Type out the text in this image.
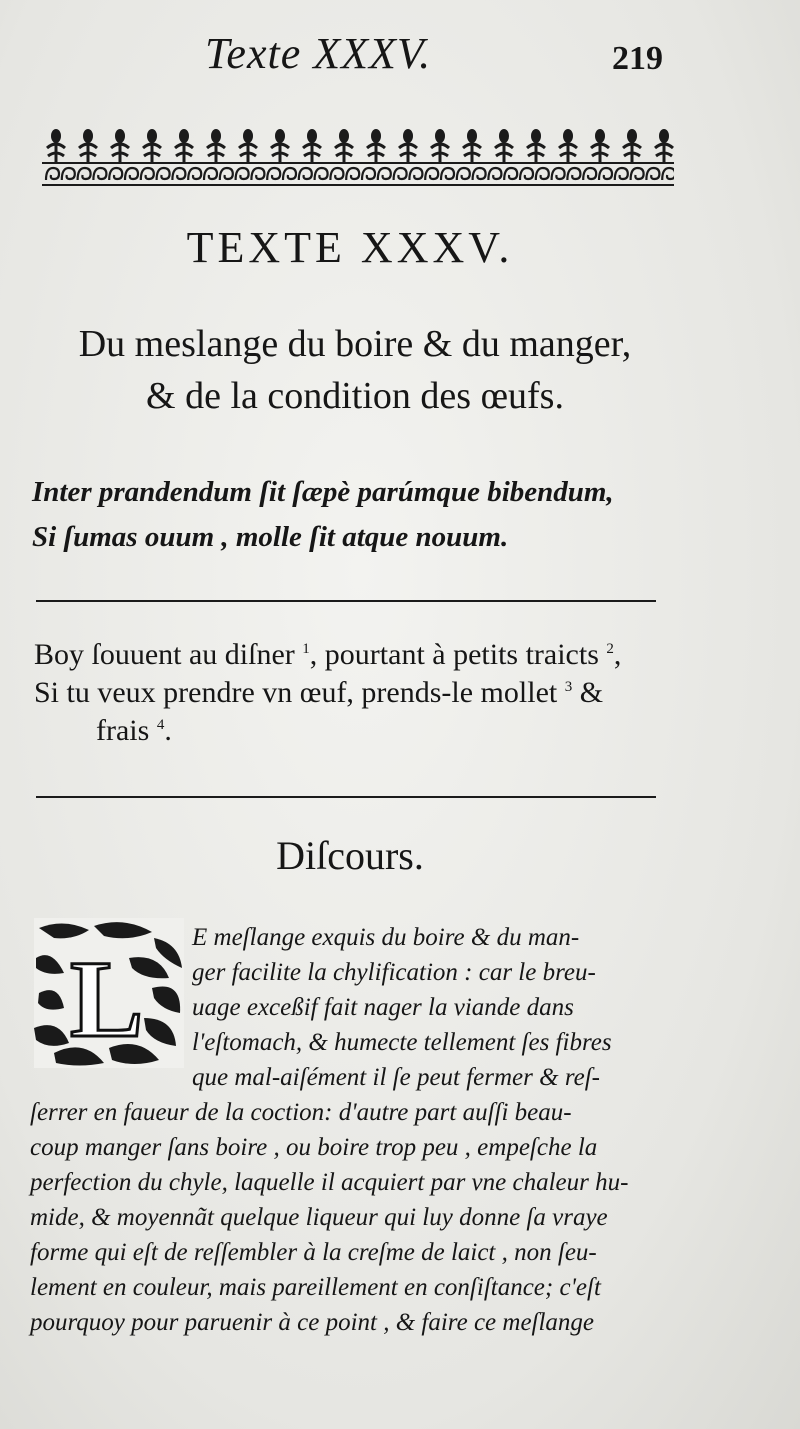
Texte XXXV.	219
TEXTE XXXV.
Du meslange du boire & du manger,
& de la condition des œufs.
Inter prandendum ſit ſæpè parúmque bibendum,
Si ſumas ouum , molle ſit atque nouum.
Boy ſouuent au diſner $^1$, pourtant à petits traicts $^2$,
Si tu veux prendre vn œuf, prends-le mollet $^3$ &
frais $^4$.
Diſcours.
L
E meſlange exquis du boire & du man-
ger facilite la chylification : car le breu-
uage exceßif fait nager la viande dans
l'eſtomach, & humecte tellement ſes fibres
que mal-aiſément il ſe peut fermer & reſ-
ſerrer en faueur de la coction: d'autre part auſſi beau-
coup manger ſans boire , ou boire trop peu , empeſche la
perfection du chyle, laquelle il acquiert par vne chaleur hu-
mide, & moyennãt quelque liqueur qui luy donne ſa vraye
forme qui eſt de reſſembler à la creſme de laict , non ſeu-
lement en couleur, mais pareillement en conſiſtance; c'eſt
pourquoy pour paruenir à ce point , & faire ce meſlange
